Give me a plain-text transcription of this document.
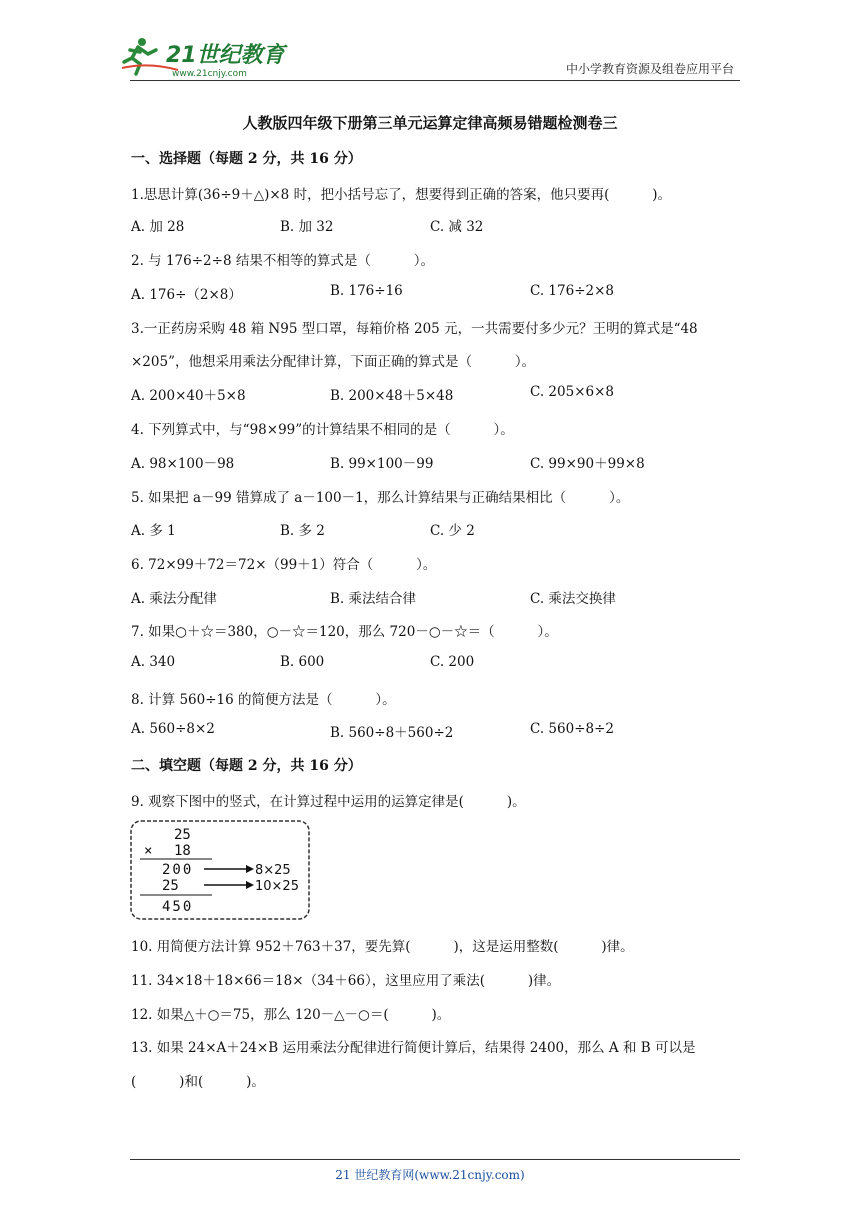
21世纪教育
www.21cnjy.com	中小学教育资源及组卷应用平台
人教版四年级下册第三单元运算定律高频易错题检测卷三
一、选择题（每题 2 分，共 16 分）
1.思思计算(36÷9＋△)×8 时，把小括号忘了，想要得到正确的答案，他只要再(          )。
A. 加 28	B. 加 32	C. 减 32
2. 与 176÷2÷8 结果不相等的算式是（          ）。
A. 176÷（2×8）	B. 176÷16	C. 176÷2×8
3.一正药房采购 48 箱 N95 型口罩，每箱价格 205 元，一共需要付多少元？王明的算式是“48
×205”，他想采用乘法分配律计算，下面正确的算式是（          ）。
A. 200×40＋5×8	B. 200×48＋5×48	C. 205×6×8
4. 下列算式中，与“98×99”的计算结果不相同的是（          ）。
A. 98×100－98	B. 99×100－99	C. 99×90＋99×8
5. 如果把 a－99 错算成了 a－100－1，那么计算结果与正确结果相比（          ）。
A. 多 1	B. 多 2	C. 少 2
6. 72×99＋72＝72×（99＋1）符合（          ）。
A. 乘法分配律	B. 乘法结合律	C. 乘法交换律
7. 如果○＋☆＝380，○－☆＝120，那么 720－○－☆＝（          ）。
A. 340	B. 600	C. 200
8. 计算 560÷16 的简便方法是（          ）。
A. 560÷8×2	B. 560÷8＋560÷2	C. 560÷8÷2
二、填空题（每题 2 分，共 16 分）
9. 观察下图中的竖式，在计算过程中运用的运算定律是(          )。
25
× 18
200
25
450
8×25
10×25
10. 用简便方法计算 952＋763＋37，要先算(          )，这是运用整数(          )律。
11. 34×18＋18×66＝18×（34＋66），这里应用了乘法(          )律。
12. 如果△＋○＝75，那么 120－△－○＝(          )。
13. 如果 24×A＋24×B 运用乘法分配律进行简便计算后，结果得 2400，那么 A 和 B 可以是
(          )和(          )。
21 世纪教育网(www.21cnjy.com)
